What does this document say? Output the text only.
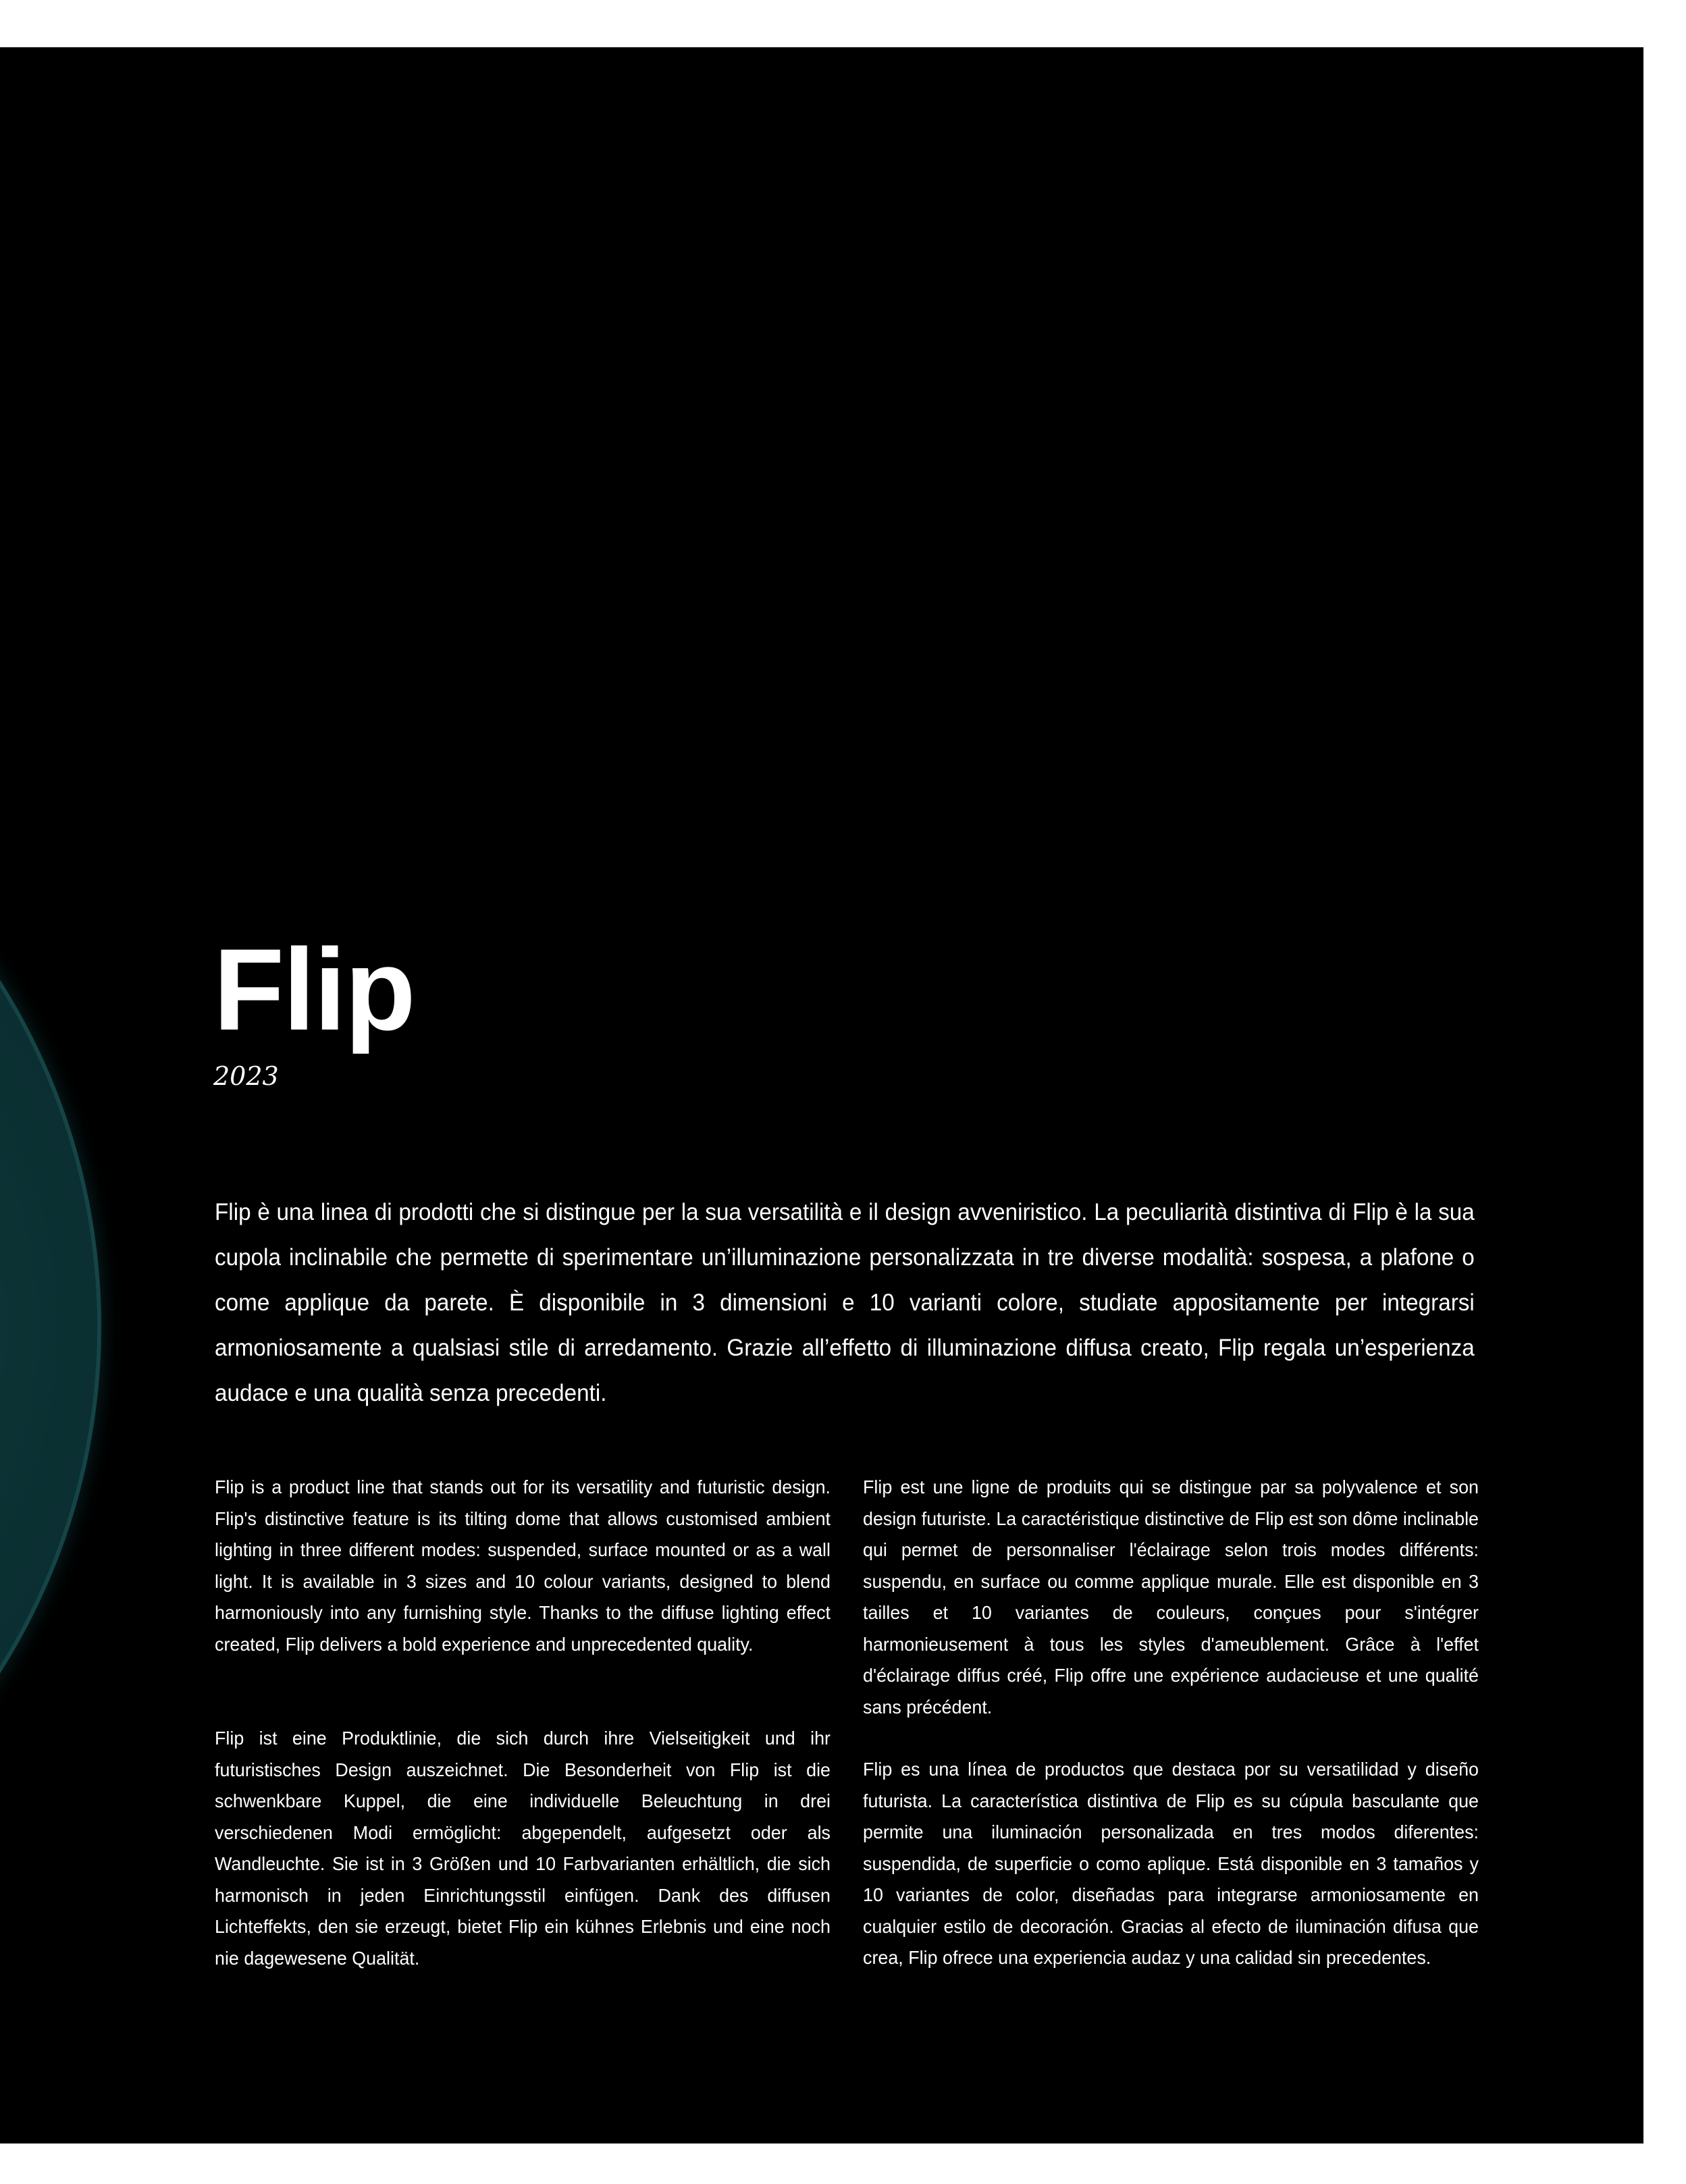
Flip
2023

Flip è una linea di prodotti che si distingue per la sua versatilità e il design avveniristico. La peculiarità distintiva di Flip è la sua cupola inclinabile che permette di sperimentare un’illuminazione personalizzata in tre diverse modalità: sospesa, a plafone o come applique da parete. È disponibile in 3 dimensioni e 10 varianti colore, studiate appositamente per integrarsi armoniosamente a qualsiasi stile di arredamento. Grazie all’effetto di illuminazione diffusa creato, Flip regala un’esperienza audace e una qualità senza precedenti.

Flip is a product line that stands out for its versatility and futuristic design. Flip's distinctive feature is its tilting dome that allows customised ambient lighting in three different modes: suspended, surface mounted or as a wall light. It is available in 3 sizes and 10 colour variants, designed to blend harmoniously into any furnishing style. Thanks to the diffuse lighting effect created, Flip delivers a bold experience and unprecedented quality.

Flip ist eine Produktlinie, die sich durch ihre Vielseitigkeit und ihr futuristisches Design auszeichnet. Die Besonderheit von Flip ist die schwenkbare Kuppel, die eine individuelle Beleuchtung in drei verschiedenen Modi ermöglicht: abgependelt, aufgesetzt oder als Wandleuchte. Sie ist in 3 Größen und 10 Farbvarianten erhältlich, die sich harmonisch in jeden Einrichtungsstil einfügen. Dank des diffusen Lichteffekts, den sie erzeugt, bietet Flip ein kühnes Erlebnis und eine noch nie dagewesene Qualität.

Flip est une ligne de produits qui se distingue par sa polyvalence et son design futuriste. La caractéristique distinctive de Flip est son dôme inclinable qui permet de personnaliser l'éclairage selon trois modes différents: suspendu, en surface ou comme applique murale. Elle est disponible en 3 tailles et 10 variantes de couleurs, conçues pour s'intégrer harmonieusement à tous les styles d'ameublement. Grâce à l'effet d'éclairage diffus créé, Flip offre une expérience audacieuse et une qualité sans précédent.

Flip es una línea de productos que destaca por su versatilidad y diseño futurista. La característica distintiva de Flip es su cúpula basculante que permite una iluminación personalizada en tres modos diferentes: suspendida, de superficie o como aplique. Está disponible en 3 tamaños y 10 variantes de color, diseñadas para integrarse armoniosamente en cualquier estilo de decoración. Gracias al efecto de iluminación difusa que crea, Flip ofrece una experiencia audaz y una calidad sin precedentes.
